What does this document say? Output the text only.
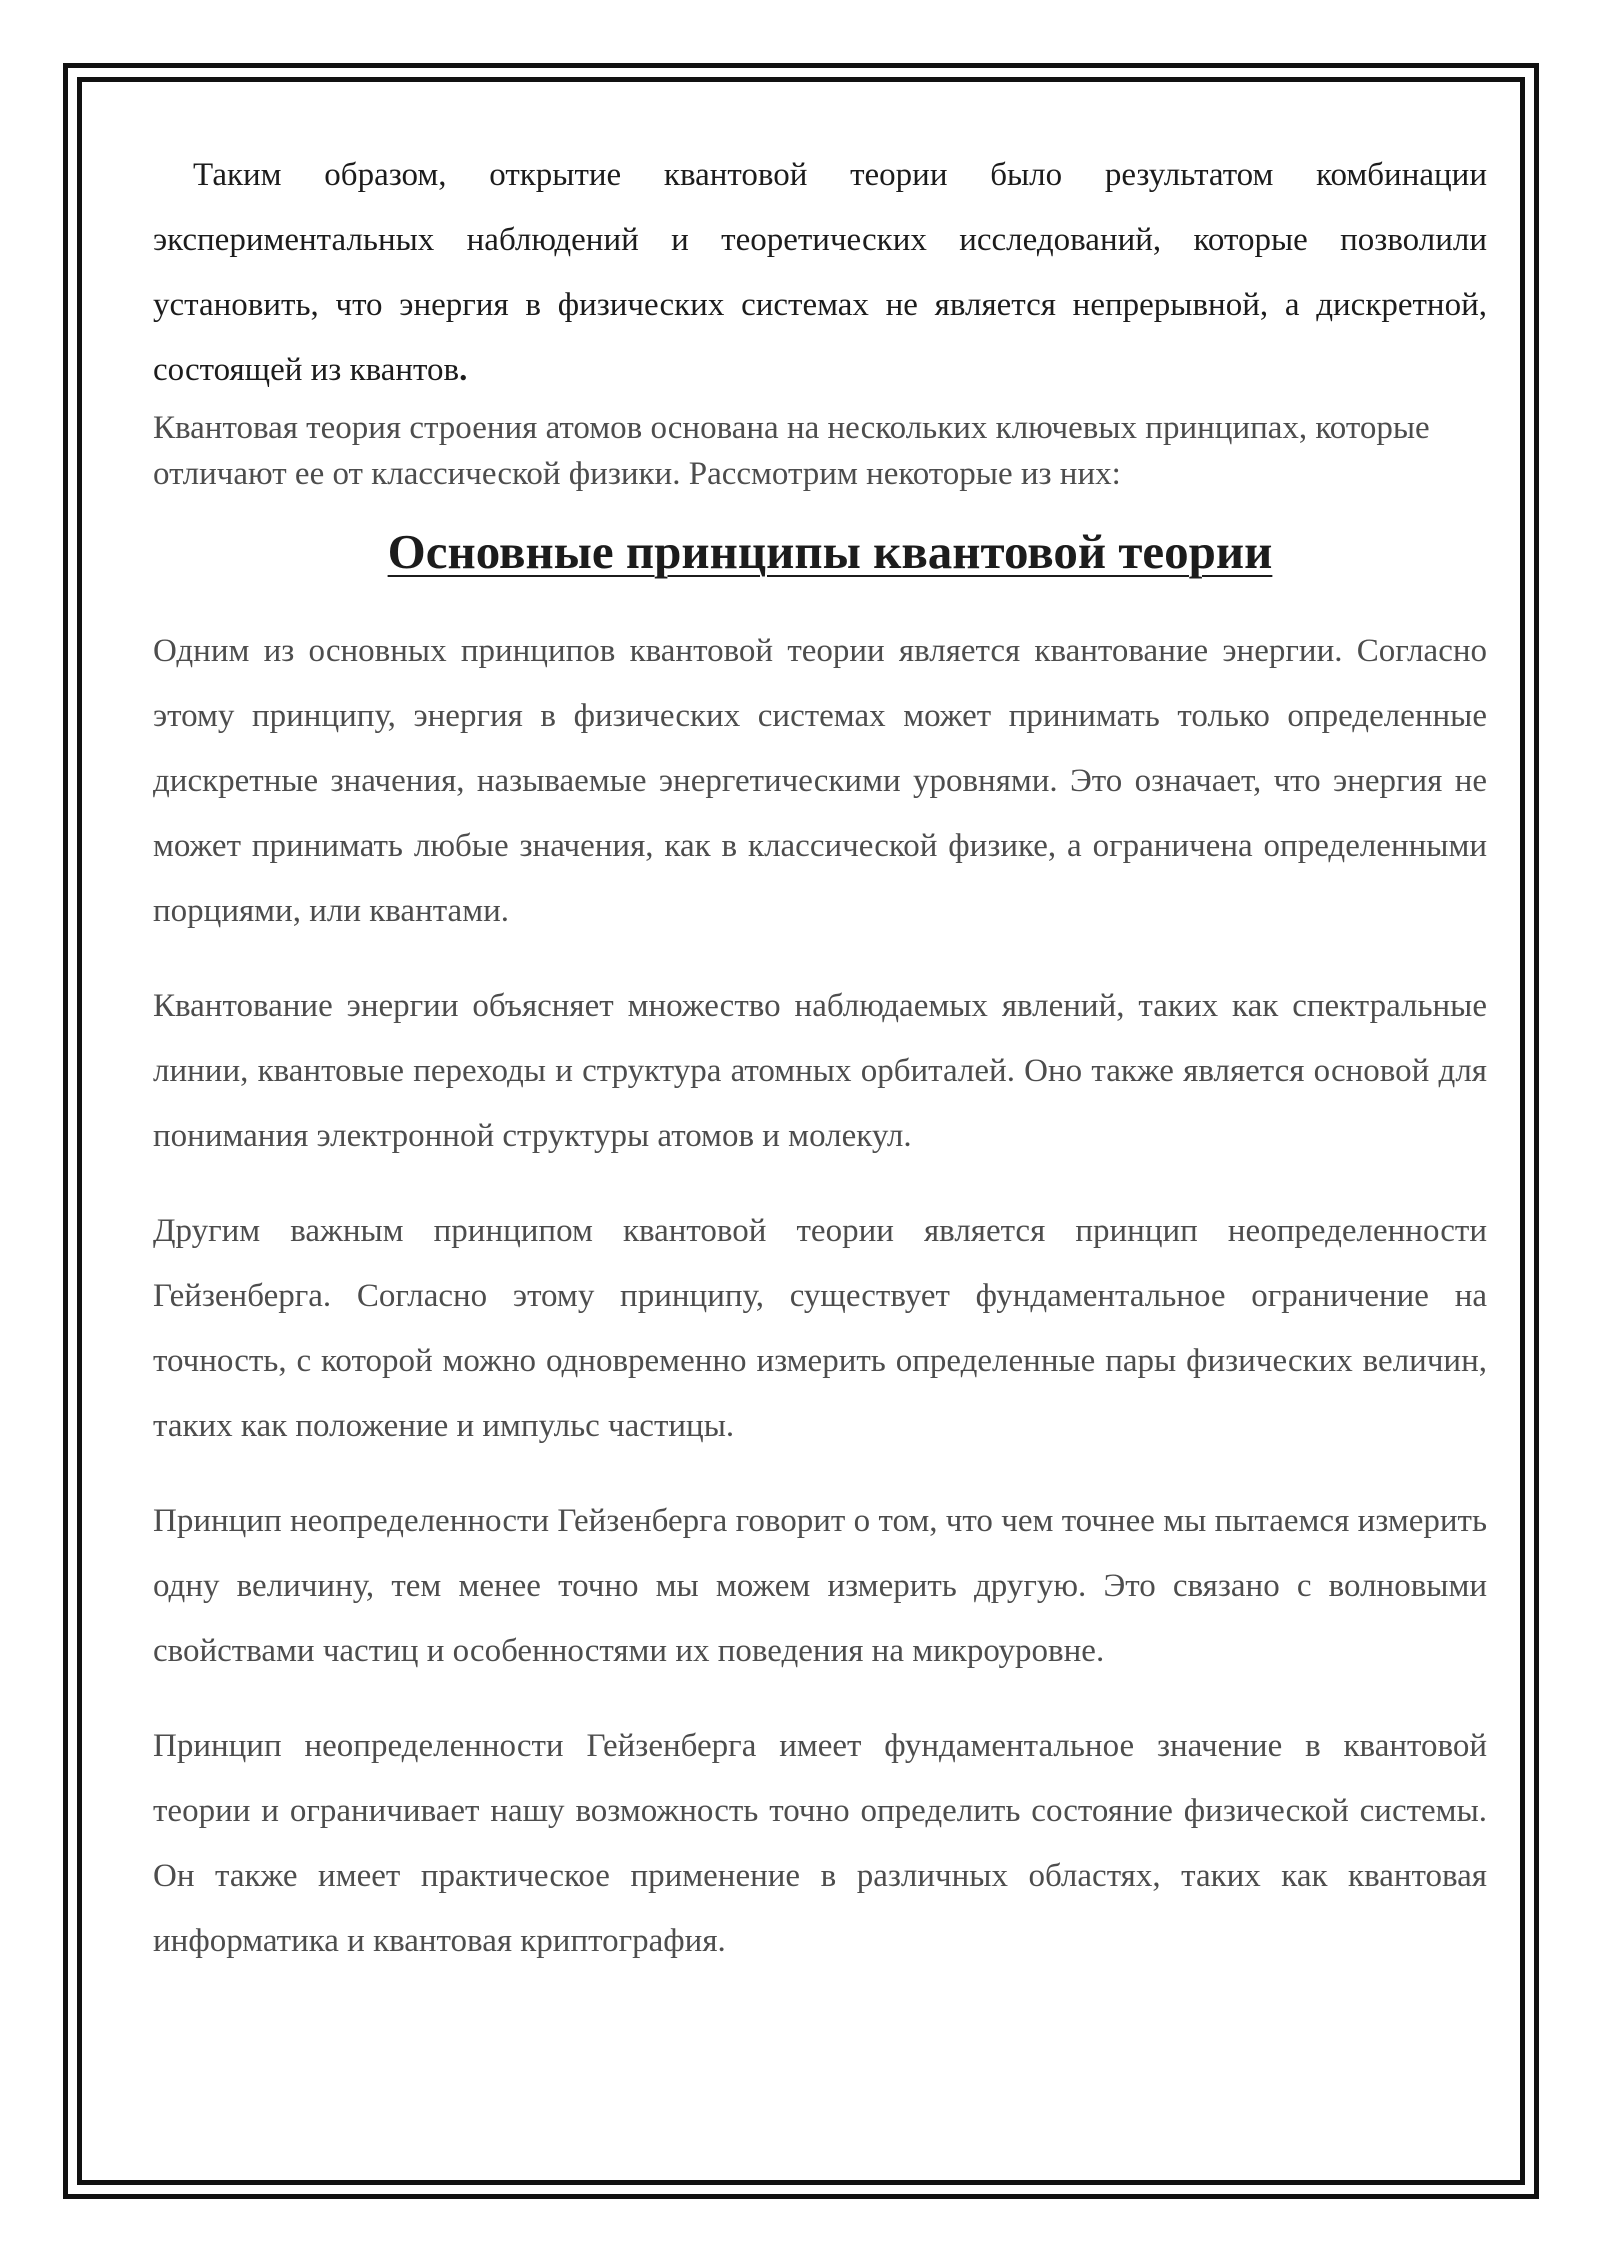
Таким образом, открытие квантовой теории было результатом комбинации экспериментальных наблюдений и теоретических исследований, которые позволили установить, что энергия в физических системах не является непрерывной, а дискретной, состоящей из квантов.

Квантовая теория строения атомов основана на нескольких ключевых принципах, которые отличают ее от классической физики. Рассмотрим некоторые из них:

Основные принципы квантовой теории

Одним из основных принципов квантовой теории является квантование энергии. Согласно этому принципу, энергия в физических системах может принимать только определенные дискретные значения, называемые энергетическими уровнями. Это означает, что энергия не может принимать любые значения, как в классической физике, а ограничена определенными порциями, или квантами.

Квантование энергии объясняет множество наблюдаемых явлений, таких как спектральные линии, квантовые переходы и структура атомных орбиталей. Оно также является основой для понимания электронной структуры атомов и молекул.

Другим важным принципом квантовой теории является принцип неопределенности Гейзенберга. Согласно этому принципу, существует фундаментальное ограничение на точность, с которой можно одновременно измерить определенные пары физических величин, таких как положение и импульс частицы.

Принцип неопределенности Гейзенберга говорит о том, что чем точнее мы пытаемся измерить одну величину, тем менее точно мы можем измерить другую. Это связано с волновыми свойствами частиц и особенностями их поведения на микроуровне.

Принцип неопределенности Гейзенберга имеет фундаментальное значение в квантовой теории и ограничивает нашу возможность точно определить состояние физической системы. Он также имеет практическое применение в различных областях, таких как квантовая информатика и квантовая криптография.
